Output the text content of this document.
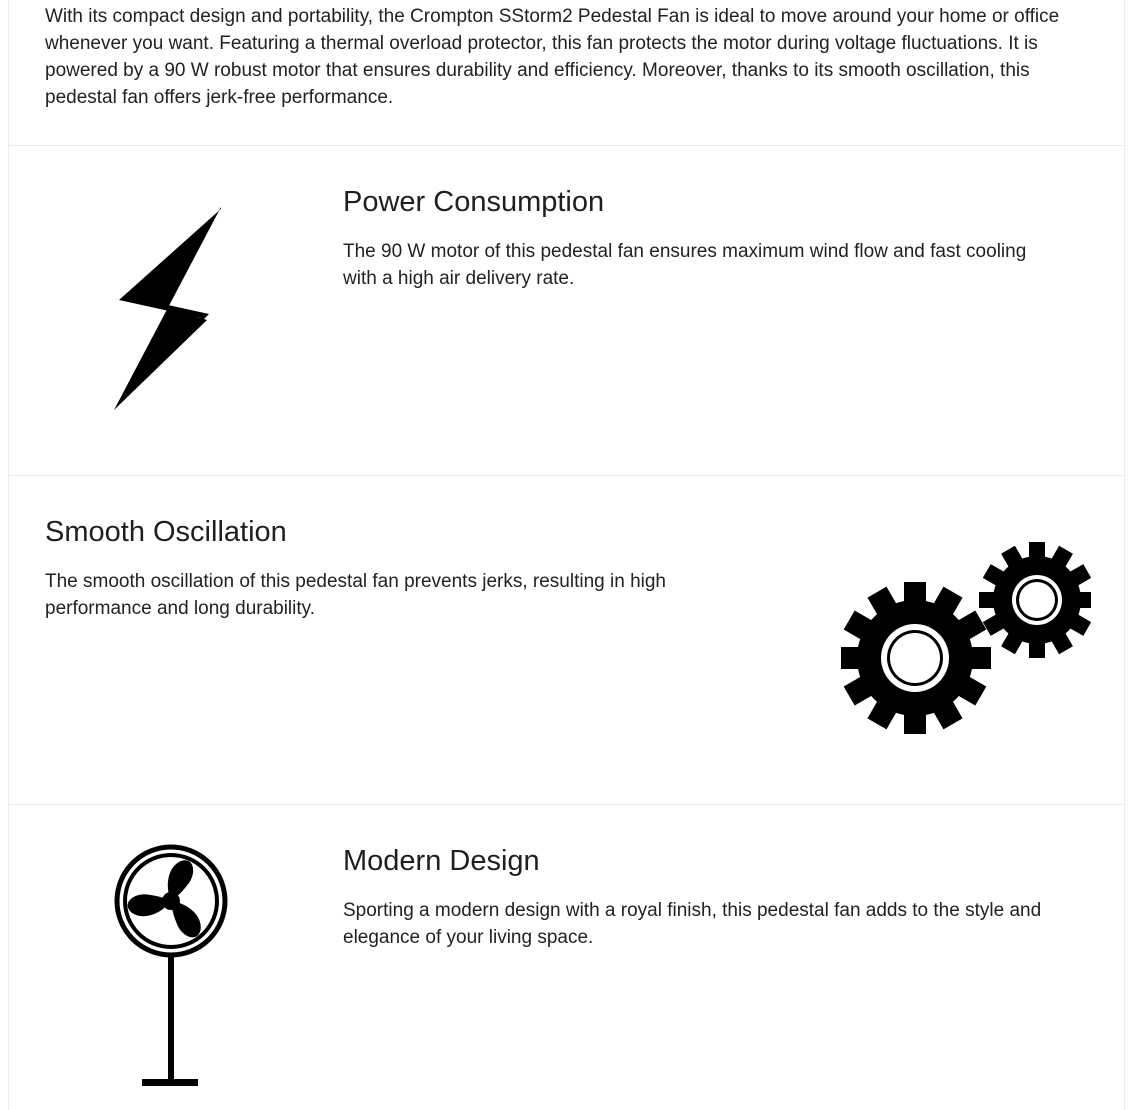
With its compact design and portability, the Crompton SStorm2 Pedestal Fan is ideal to move around your home or office whenever you want. Featuring a thermal overload protector, this fan protects the motor during voltage fluctuations. It is powered by a 90 W robust motor that ensures durability and efficiency. Moreover, thanks to its smooth oscillation, this pedestal fan offers jerk-free performance.

Power Consumption

The 90 W motor of this pedestal fan ensures maximum wind flow and fast cooling with a high air delivery rate.

Smooth Oscillation

The smooth oscillation of this pedestal fan prevents jerks, resulting in high performance and long durability.

Modern Design

Sporting a modern design with a royal finish, this pedestal fan adds to the style and elegance of your living space.
